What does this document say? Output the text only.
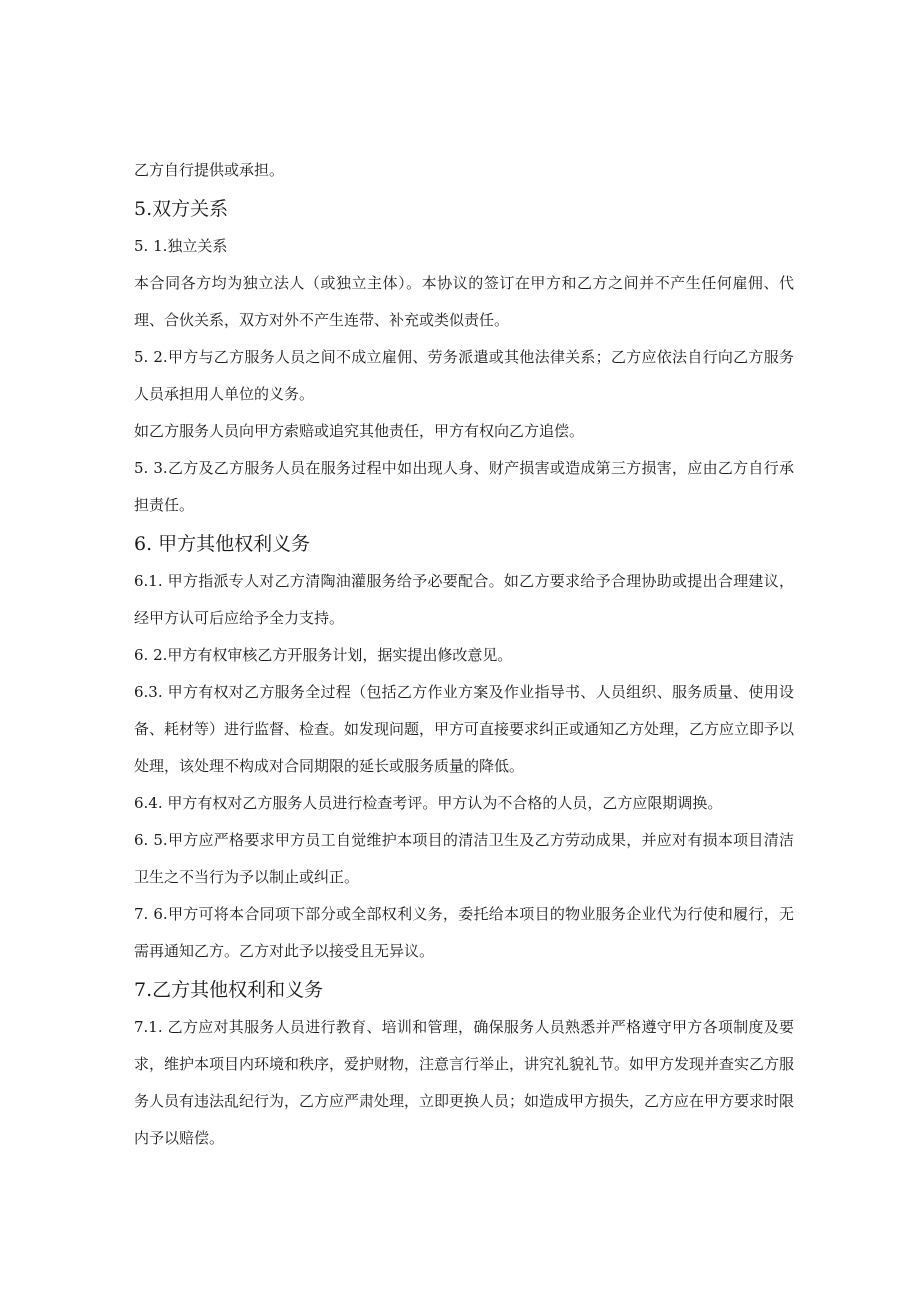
乙方自行提供或承担。

5.双方关系

5. 1.独立关系

本合同各方均为独立法人（或独立主体）。本协议的签订在甲方和乙方之间并不产生任何雇佣、代理、合伙关系，双方对外不产生连带、补充或类似责任。

5. 2.甲方与乙方服务人员之间不成立雇佣、劳务派遣或其他法律关系；乙方应依法自行向乙方服务人员承担用人单位的义务。

如乙方服务人员向甲方索赔或追究其他责任，甲方有权向乙方追偿。

5. 3.乙方及乙方服务人员在服务过程中如出现人身、财产损害或造成第三方损害，应由乙方自行承担责任。

6. 甲方其他权利义务

6.1. 甲方指派专人对乙方清陶油灌服务给予必要配合。如乙方要求给予合理协助或提出合理建议，经甲方认可后应给予全力支持。

6. 2.甲方有权审核乙方开服务计划，据实提出修改意见。

6.3. 甲方有权对乙方服务全过程（包括乙方作业方案及作业指导书、人员组织、服务质量、使用设备、耗材等）进行监督、检查。如发现问题，甲方可直接要求纠正或通知乙方处理，乙方应立即予以处理，该处理不构成对合同期限的延长或服务质量的降低。

6.4. 甲方有权对乙方服务人员进行检查考评。甲方认为不合格的人员，乙方应限期调换。

6. 5.甲方应严格要求甲方员工自觉维护本项目的清洁卫生及乙方劳动成果，并应对有损本项目清洁卫生之不当行为予以制止或纠正。

7. 6.甲方可将本合同项下部分或全部权利义务，委托给本项目的物业服务企业代为行使和履行，无需再通知乙方。乙方对此予以接受且无异议。

7.乙方其他权利和义务

7.1. 乙方应对其服务人员进行教育、培训和管理，确保服务人员熟悉并严格遵守甲方各项制度及要求，维护本项目内环境和秩序，爱护财物，注意言行举止，讲究礼貌礼节。如甲方发现并查实乙方服务人员有违法乱纪行为，乙方应严肃处理，立即更换人员；如造成甲方损失，乙方应在甲方要求时限内予以赔偿。
